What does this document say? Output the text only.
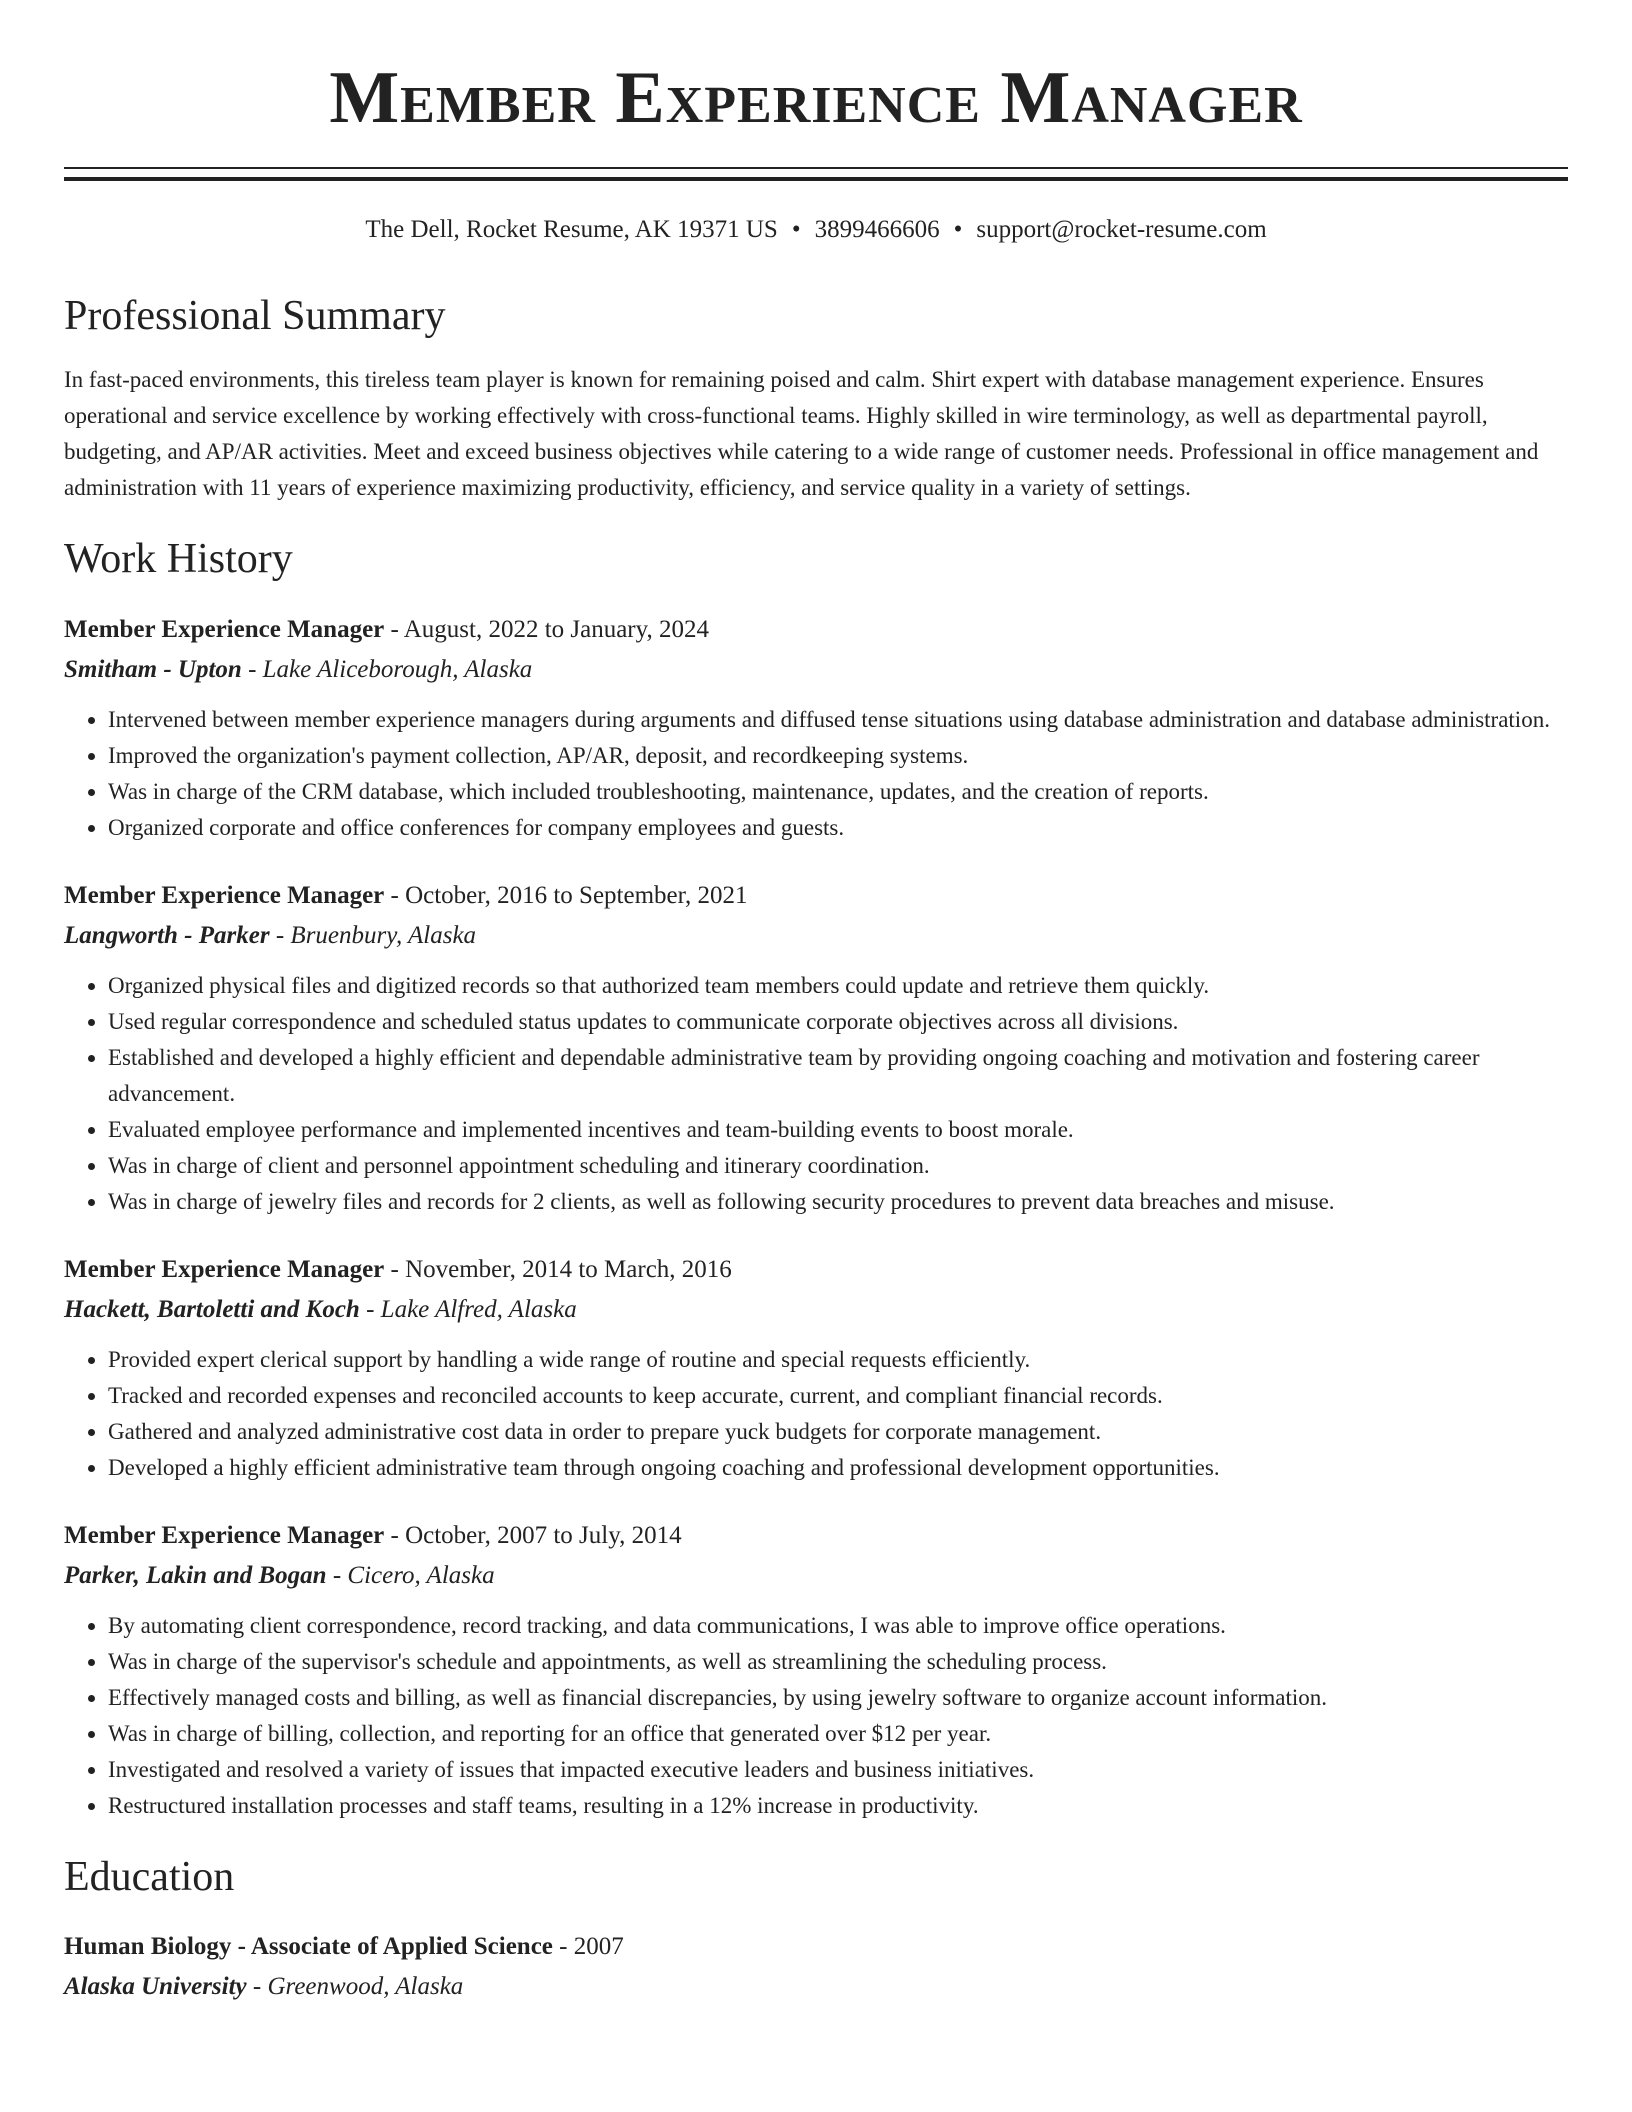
Member Experience Manager
The Dell, Rocket Resume, AK 19371 US • 3899466606 • support@rocket-resume.com
Professional Summary

In fast-paced environments, this tireless team player is known for remaining poised and calm. Shirt expert with database management experience. Ensures operational and service excellence by working effectively with cross-functional teams. Highly skilled in wire terminology, as well as departmental payroll, budgeting, and AP/AR activities. Meet and exceed business objectives while catering to a wide range of customer needs. Professional in office management and administration with 11 years of experience maximizing productivity, efficiency, and service quality in a variety of settings.

Work History
Member Experience Manager - August, 2022 to January, 2024
Smitham - Upton - Lake Aliceborough, Alaska
• Intervened between member experience managers during arguments and diffused tense situations using database administration and database administration.
• Improved the organization's payment collection, AP/AR, deposit, and recordkeeping systems.
• Was in charge of the CRM database, which included troubleshooting, maintenance, updates, and the creation of reports.
• Organized corporate and office conferences for company employees and guests.
Member Experience Manager - October, 2016 to September, 2021
Langworth - Parker - Bruenbury, Alaska
• Organized physical files and digitized records so that authorized team members could update and retrieve them quickly.
• Used regular correspondence and scheduled status updates to communicate corporate objectives across all divisions.
• Established and developed a highly efficient and dependable administrative team by providing ongoing coaching and motivation and fostering career advancement.
• Evaluated employee performance and implemented incentives and team-building events to boost morale.
• Was in charge of client and personnel appointment scheduling and itinerary coordination.
• Was in charge of jewelry files and records for 2 clients, as well as following security procedures to prevent data breaches and misuse.
Member Experience Manager - November, 2014 to March, 2016
Hackett, Bartoletti and Koch - Lake Alfred, Alaska
• Provided expert clerical support by handling a wide range of routine and special requests efficiently.
• Tracked and recorded expenses and reconciled accounts to keep accurate, current, and compliant financial records.
• Gathered and analyzed administrative cost data in order to prepare yuck budgets for corporate management.
• Developed a highly efficient administrative team through ongoing coaching and professional development opportunities.
Member Experience Manager - October, 2007 to July, 2014
Parker, Lakin and Bogan - Cicero, Alaska
• By automating client correspondence, record tracking, and data communications, I was able to improve office operations.
• Was in charge of the supervisor's schedule and appointments, as well as streamlining the scheduling process.
• Effectively managed costs and billing, as well as financial discrepancies, by using jewelry software to organize account information.
• Was in charge of billing, collection, and reporting for an office that generated over $12 per year.
• Investigated and resolved a variety of issues that impacted executive leaders and business initiatives.
• Restructured installation processes and staff teams, resulting in a 12% increase in productivity.
Education
Human Biology - Associate of Applied Science - 2007
Alaska University - Greenwood, Alaska
